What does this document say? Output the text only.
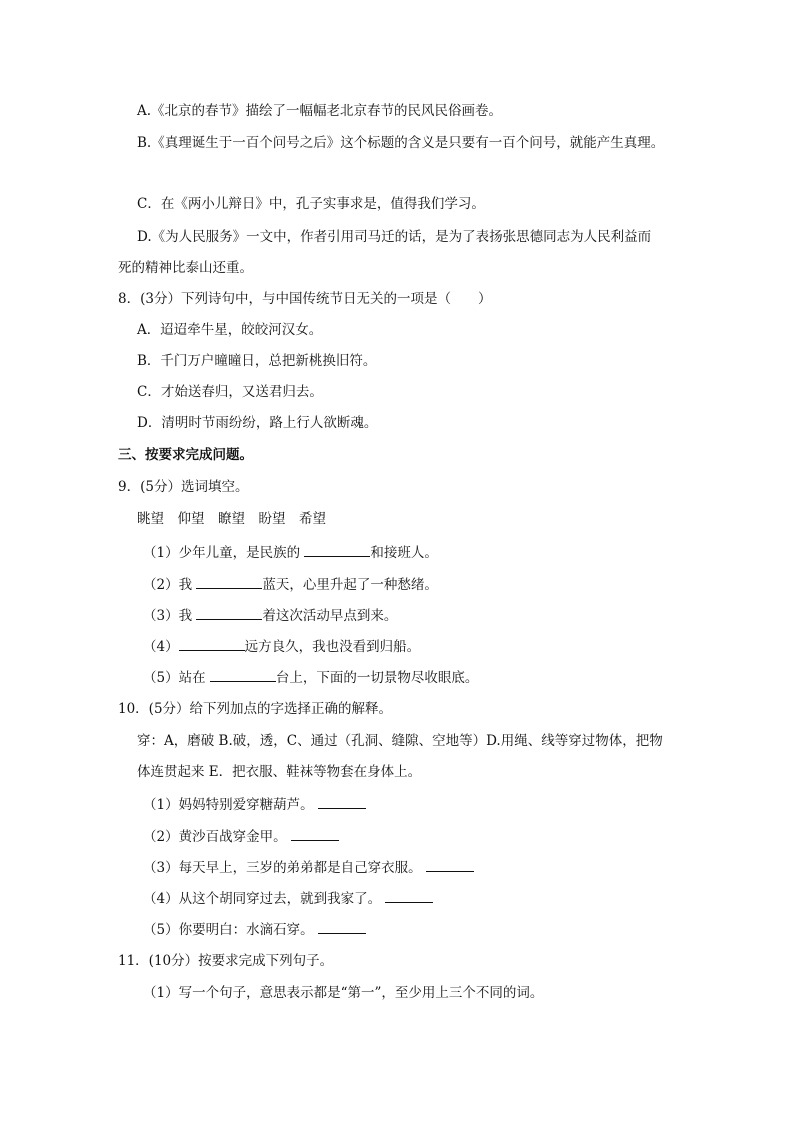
A.《北京的春节》描绘了一幅幅老北京春节的民风民俗画卷。
B.《真理诞生于一百个问号之后》这个标题的含义是只要有一百个问号，就能产生真理。
C．在《两小儿辩日》中，孔子实事求是，值得我们学习。
D.《为人民服务》一文中，作者引用司马迁的话，是为了表扬张思德同志为人民利益而
死的精神比泰山还重。
8．(3分）下列诗句中，与中国传统节日无关的一项是（　　）
A．迢迢牵牛星，皎皎河汉女。
B．千门万户曈曈日，总把新桃换旧符。
C．才始送春归，又送君归去。
D．清明时节雨纷纷，路上行人欲断魂。
三、按要求完成问题。
9．(5分）选词填空。
眺望　仰望　瞭望　盼望　希望
（1）少年儿童，是民族的	和接班人。
（2）我	蓝天，心里升起了一种愁绪。
（3）我	着这次活动早点到来。
（4）	远方良久，我也没看到归船。
（5）站在	台上，下面的一切景物尽收眼底。
10．(5分）给下列加点的字选择正确的解释。
穿：A，磨破 B.破，透，C、通过（孔洞、缝隙、空地等）D.用绳、线等穿过物体，把物
体连贯起来 E．把衣服、鞋袜等物套在身体上。
（1）妈妈特别爱穿糖葫芦。
（2）黄沙百战穿金甲。
（3）每天早上，三岁的弟弟都是自己穿衣服。
（4）从这个胡同穿过去，就到我家了。
（5）你要明白：水滴石穿。
11．(10分）按要求完成下列句子。
（1）写一个句子，意思表示都是“第一”，至少用上三个不同的词。
